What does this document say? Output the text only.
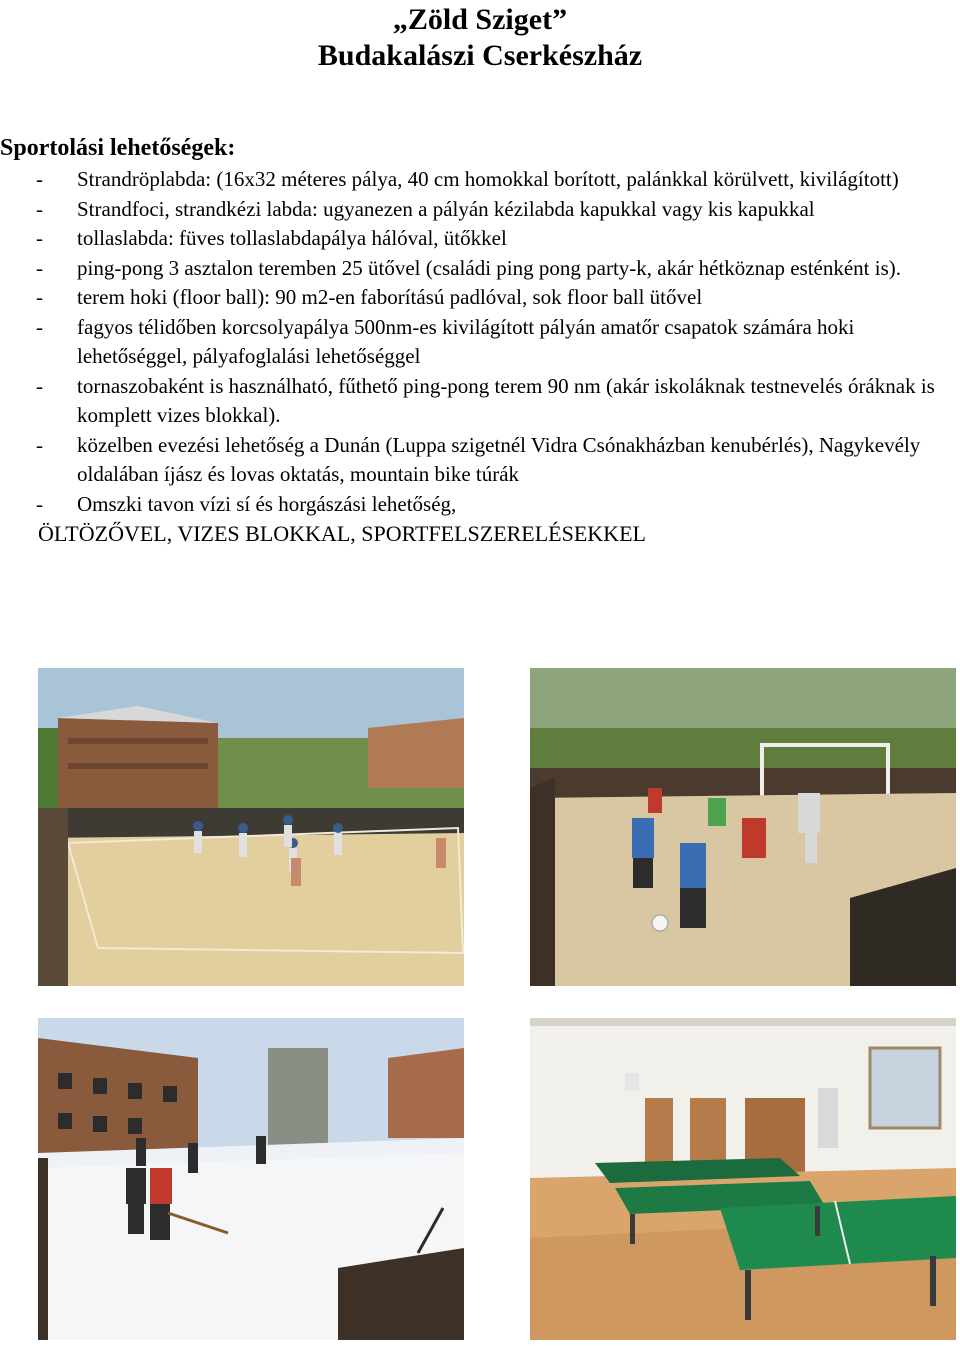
„Zöld Sziget”
Budakalászi Cserkészház
Sportolási lehetőségek:
- Strandröplabda: (16x32 méteres pálya, 40 cm homokkal borított, palánkkal körülvett, kivilágított)
- Strandfoci, strandkézi labda: ugyanezen a pályán kézilabda kapukkal vagy kis kapukkal
- tollaslabda: füves tollaslabdapálya hálóval, ütőkkel
- ping-pong 3 asztalon teremben 25 ütővel (családi ping pong party-k, akár hétköznap esténként is).
- terem hoki (floor ball): 90 m2-en faborítású padlóval, sok floor ball ütővel
- fagyos télidőben korcsolyapálya 500nm-es kivilágított pályán amatőr csapatok számára hoki lehetőséggel, pályafoglalási lehetőséggel
- tornaszobaként is használható, fűthető ping-pong terem 90 nm (akár iskoláknak testnevelés óráknak is komplett vizes blokkal).
- közelben evezési lehetőség a Dunán (Luppa szigetnél Vidra Csónakházban kenubérlés), Nagykevély oldalában íjász és lovas oktatás, mountain bike túrák
- Omszki tavon vízi sí és horgászási lehetőség,
ÖLTÖZŐVEL, VIZES BLOKKAL, SPORTFELSZERELÉSEKKEL
